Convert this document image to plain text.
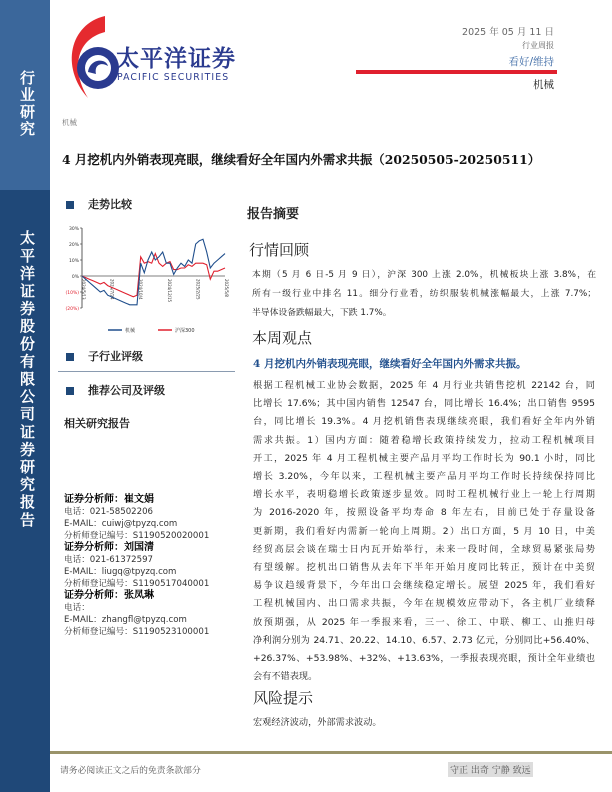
行业研究
太平洋证券股份有限公司证券研究报告
太平洋证券
PACIFIC SECURITIES
2025 年 05 月 11 日
行业周报
看好/维持
机械
机械
4 月挖机内外销表现亮眼，继续看好全年国内外需求共振（20250505-20250511）
走势比较
30%
20%
10%
0%
(10%)
(20%)
2024/5/13	2024/7/24	2024/10/4	2024/12/15	2025/2/25	2025/5/8
机械	沪深300
子行业评级
推荐公司及评级
相关研究报告
证券分析师：崔文娟
电话：021-58502206
E-MAIL：cuiwj@tpyzq.com
分析师登记编号：S1190520020001
证券分析师：刘国清
电话：021-61372597
E-MAIL：liugq@tpyzq.com
分析师登记编号：S1190517040001
证券分析师：张凤琳
电话：
E-MAIL：zhangfl@tpyzq.com
分析师登记编号：S1190523100001
报告摘要
行情回顾
本期（5 月 6 日-5 月 9 日），沪深 300 上涨 2.0%，机械板块上涨 3.8%，在
所有一级行业中排名 11。细分行业看，纺织服装机械涨幅最大，上涨 7.7%；
半导体设备跌幅最大，下跌 1.7%。
本周观点
4 月挖机内外销表现亮眼，继续看好全年国内外需求共振。
根据工程机械工业协会数据，2025 年 4 月行业共销售挖机 22142 台，同
比增长 17.6%；其中国内销售 12547 台，同比增长 16.4%；出口销售 9595
台，同比增长 19.3%。4 月挖机销售表现继续亮眼，我们看好全年内外销
需求共振。1）国内方面：随着稳增长政策持续发力，拉动工程机械项目
开工，2025 年 4 月工程机械主要产品月平均工作时长为 90.1 小时，同比
增长 3.20%，今年以来，工程机械主要产品月平均工作时长持续保持同比
增长水平，表明稳增长政策逐步显效。同时工程机械行业上一轮上行周期
为 2016-2020 年，按照设备平均寿命 8 年左右，目前已处于存量设备
更新期，我们看好内需新一轮向上周期。2）出口方面，5 月 10 日，中美
经贸高层会谈在瑞士日内瓦开始举行，未来一段时间，全球贸易紧张局势
有望缓解。挖机出口销售从去年下半年开始月度同比转正，预计在中美贸
易争议趋缓背景下，今年出口会继续稳定增长。展望 2025 年，我们看好
工程机械国内、出口需求共振，今年在规模效应带动下，各主机厂业绩释
放预期强，从 2025 年一季报来看，三一、徐工、中联、柳工、山推归母
净利润分别为 24.71、20.22、14.10、6.57、2.73 亿元，分别同比+56.40%、
+26.37%、+53.98%、+32%、+13.63%，一季报表现亮眼，预计全年业绩也
会有不错表现。
风险提示
宏观经济波动，外部需求波动。
请务必阅读正文之后的免责条款部分	守正 出奇 宁静 致远
